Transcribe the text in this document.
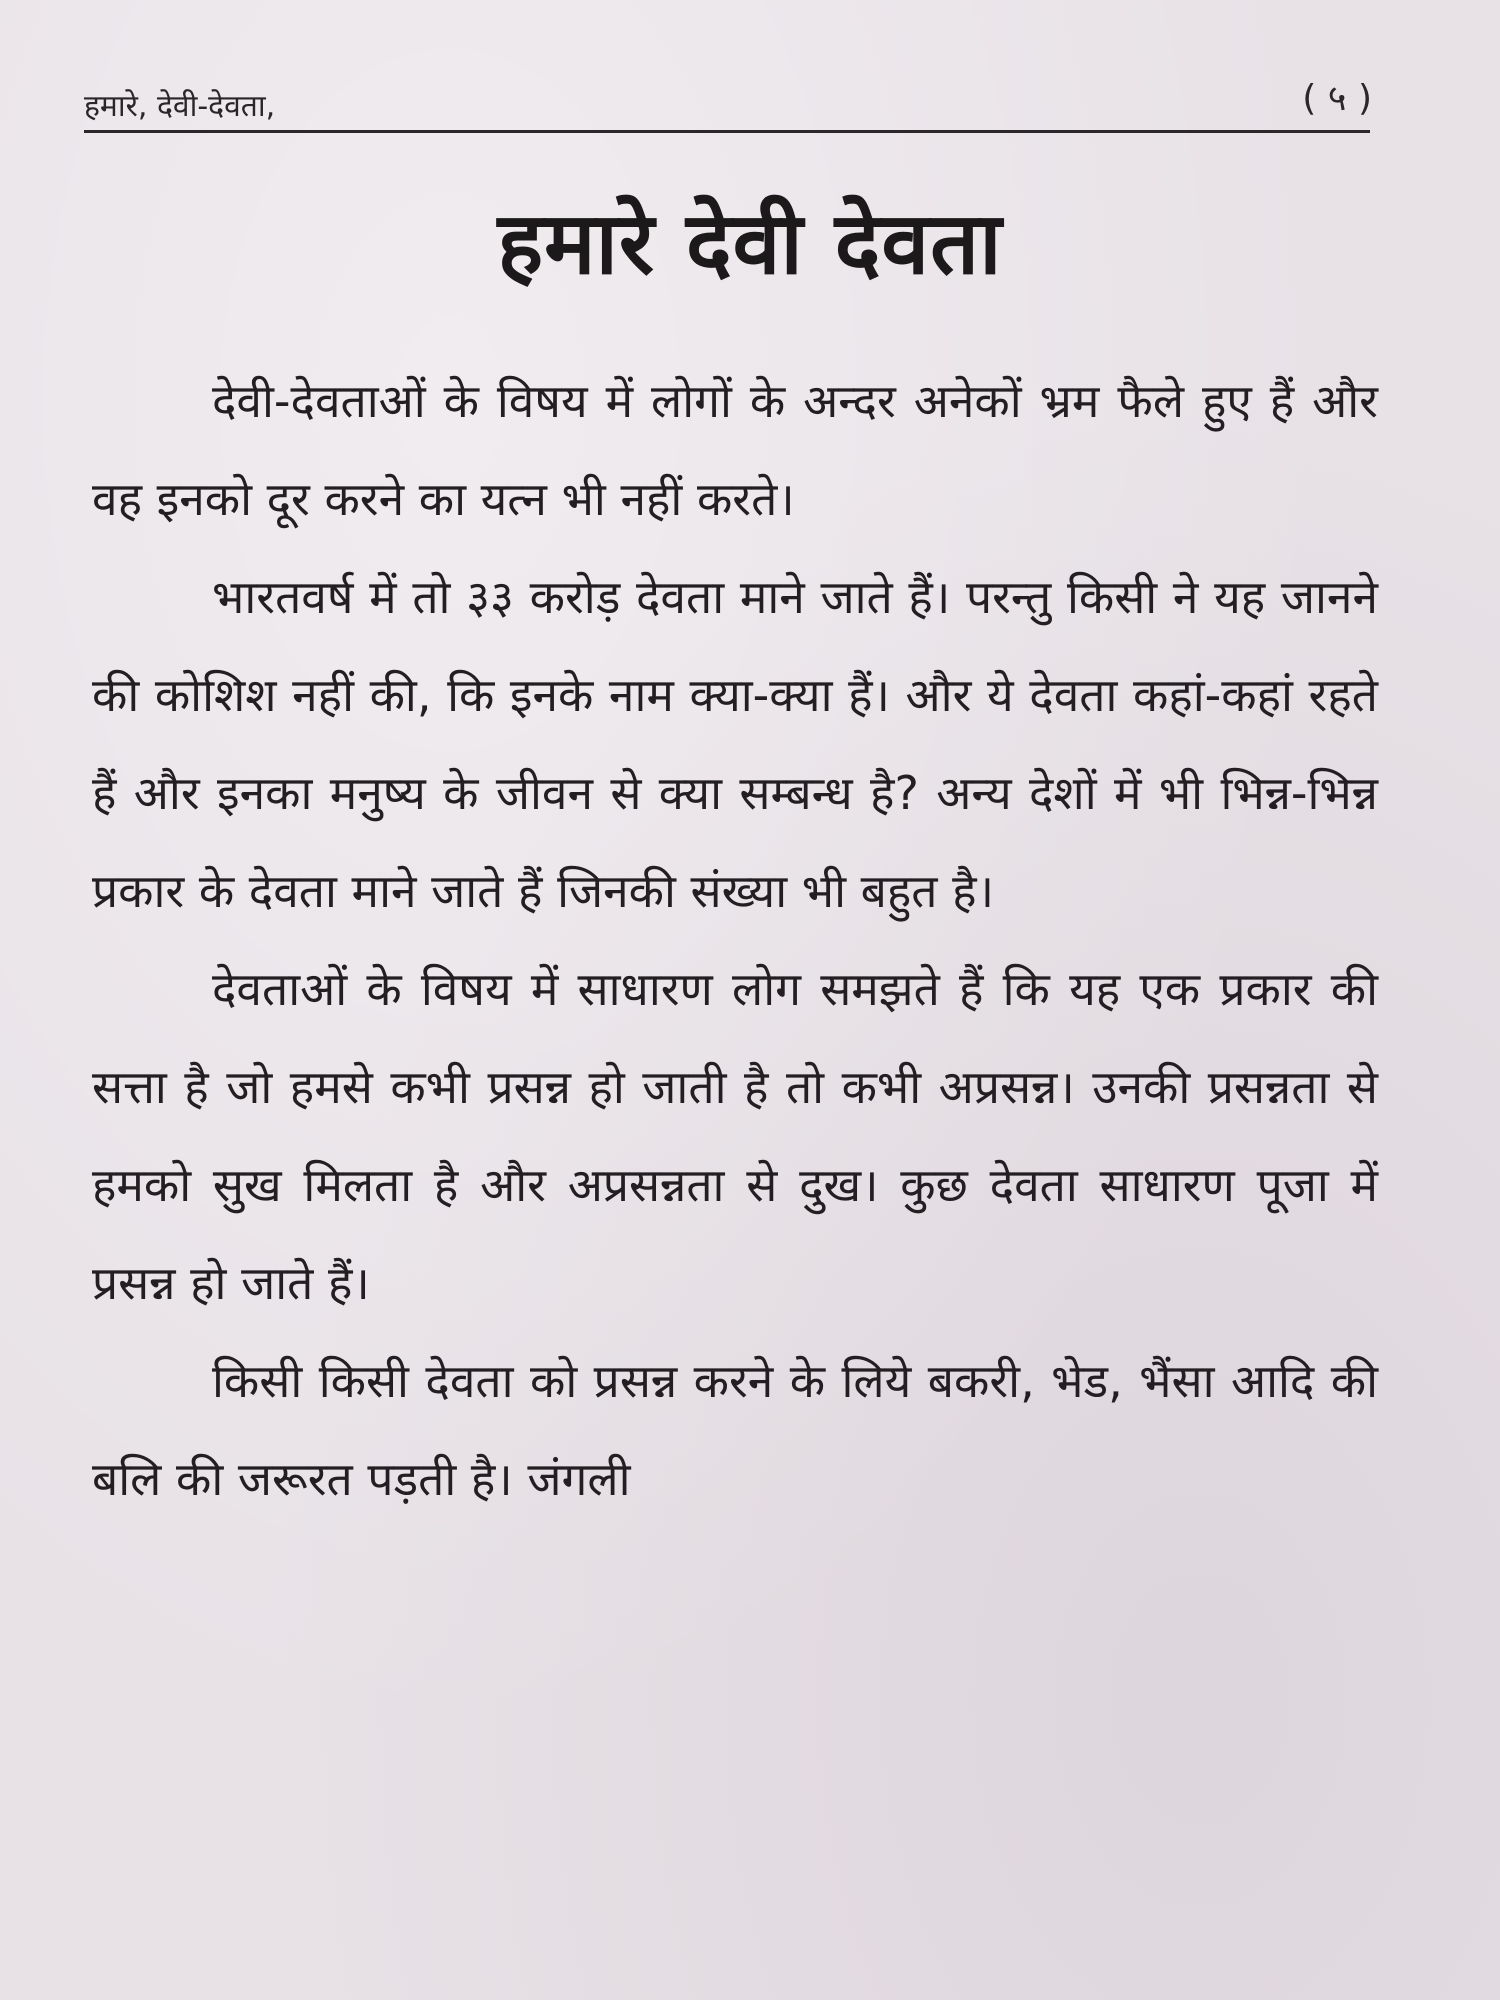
हमारे, देवी-देवता,	( ५ )
हमारे देवी देवता

देवी-देवताओं के विषय में लोगों के अन्दर अनेकों भ्रम फैले हुए हैं और वह इनको दूर करने का यत्न भी नहीं करते।

भारतवर्ष में तो ३३ करोड़ देवता माने जाते हैं। परन्तु किसी ने यह जानने की कोशिश नहीं की, कि इनके नाम क्या-क्या हैं। और ये देवता कहां-कहां रहते हैं और इनका मनुष्य के जीवन से क्या सम्बन्ध है? अन्य देशों में भी भिन्न-भिन्न प्रकार के देवता माने जाते हैं जिनकी संख्या भी बहुत है।

देवताओं के विषय में साधारण लोग समझते हैं कि यह एक प्रकार की सत्ता है जो हमसे कभी प्रसन्न हो जाती है तो कभी अप्रसन्न। उनकी प्रसन्नता से हमको सुख मिलता है और अप्रसन्नता से दुख। कुछ देवता साधारण पूजा में प्रसन्न हो जाते हैं।

किसी किसी देवता को प्रसन्न करने के लिये बकरी, भेड, भैंसा आदि की बलि की जरूरत पड़ती है। जंगली
